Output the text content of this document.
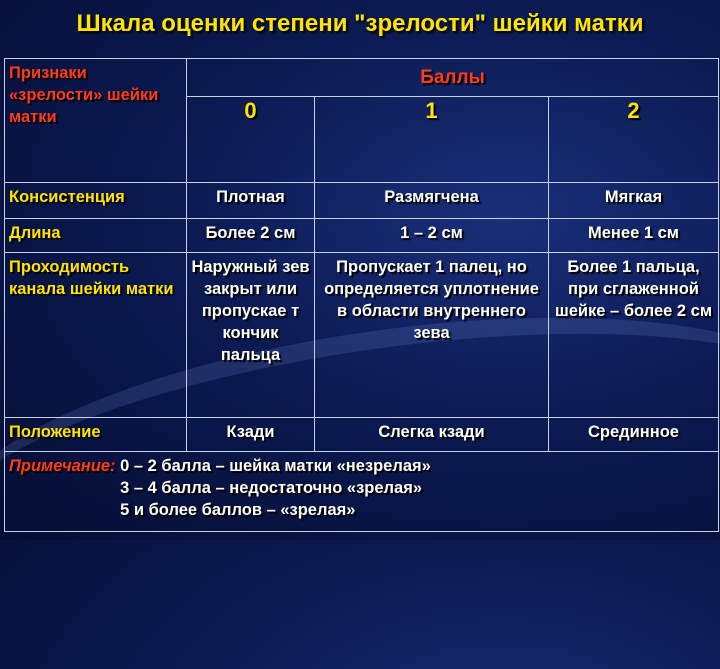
Шкала оценки степени "зрелости" шейки матки
Признаки «зрелости» шейки матки	Баллы		
	0	1	2
Консистенция	Плотная	Размягчена	Мягкая
Длина	Более 2 см	1 – 2 см	Менее 1 см
Проходимость канала шейки матки	Наружный зев закрыт или пропускае т кончик пальца	Пропускает 1 палец, но определяется уплотнение в области внутреннего зева	Более 1 пальца, при сглаженной шейке – более 2 см
Положение	Кзади	Слегка кзади	Срединное
Примечание: 0 – 2 балла – шейка матки «незрелая»
3 – 4 балла – недостаточно «зрелая»
5 и более баллов – «зрелая»			
